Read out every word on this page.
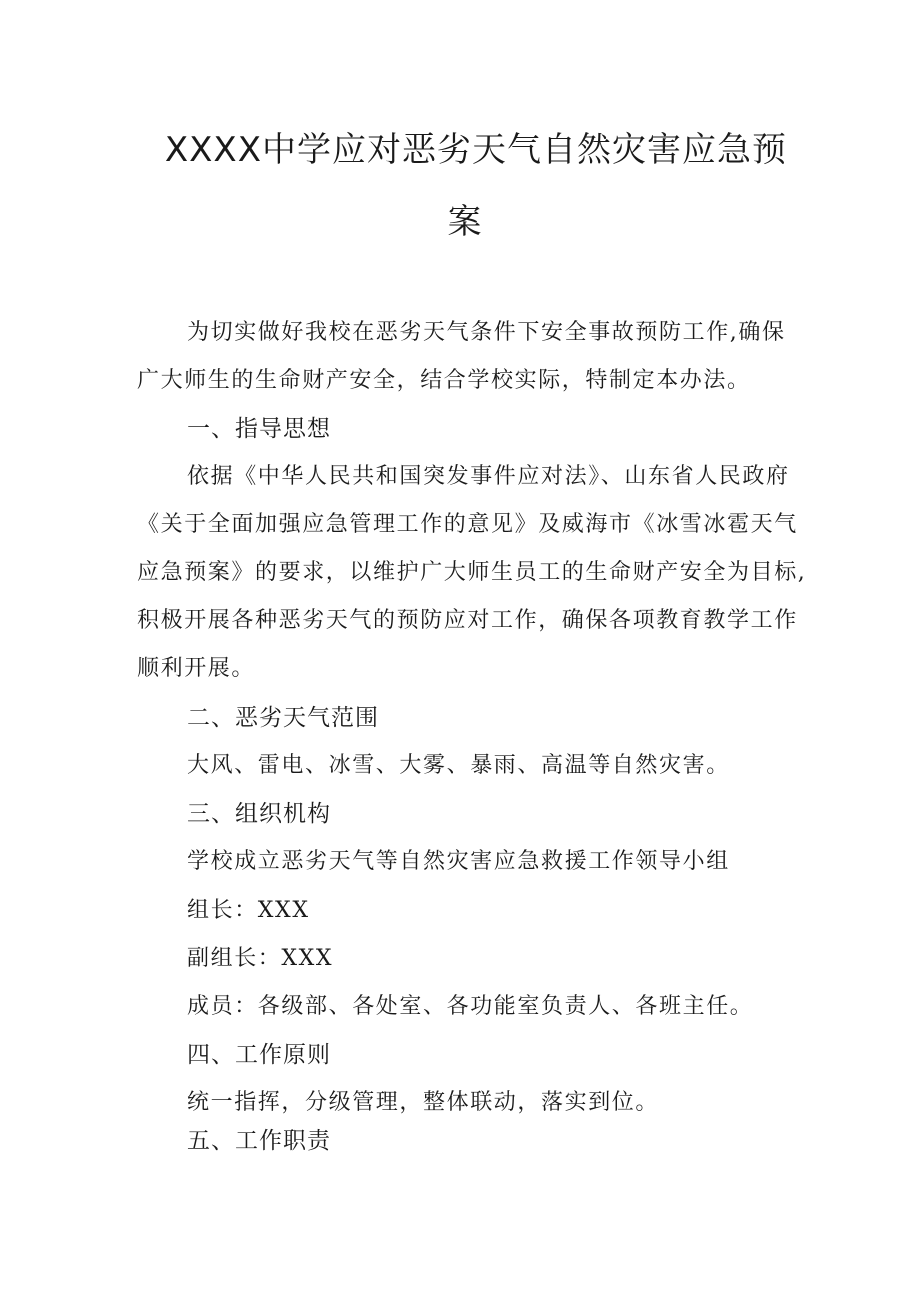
XXXX中学应对恶劣天气自然灾害应急预
案
为切实做好我校在恶劣天气条件下安全事故预防工作,确保
广大师生的生命财产安全，结合学校实际，特制定本办法。
一、指导思想
依据《中华人民共和国突发事件应对法》、山东省人民政府
《关于全面加强应急管理工作的意见》及威海市《冰雪冰雹天气
应急预案》的要求，以维护广大师生员工的生命财产安全为目标,
积极开展各种恶劣天气的预防应对工作，确保各项教育教学工作
顺利开展。
二、恶劣天气范围
大风、雷电、冰雪、大雾、暴雨、高温等自然灾害。
三、组织机构
学校成立恶劣天气等自然灾害应急救援工作领导小组
组长：XXX
副组长：XXX
成员：各级部、各处室、各功能室负责人、各班主任。
四、工作原则
统一指挥，分级管理，整体联动，落实到位。
五、工作职责
